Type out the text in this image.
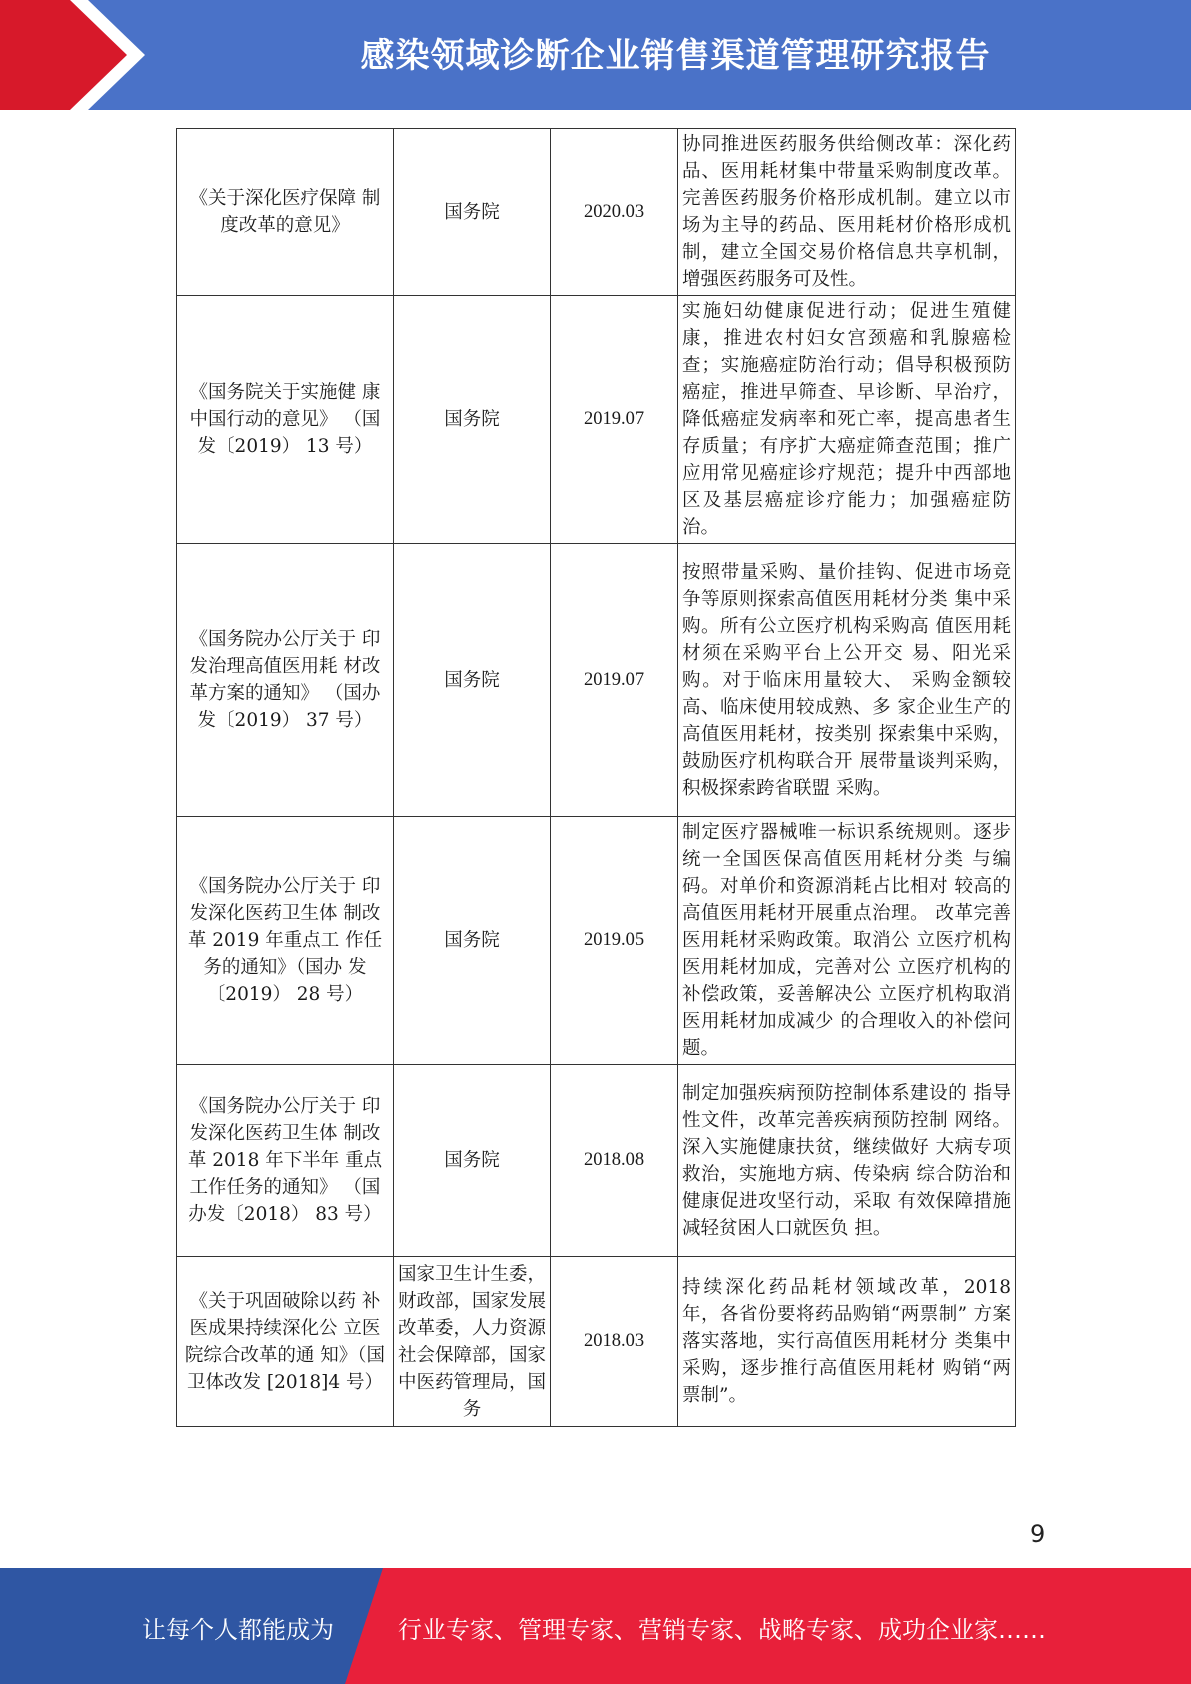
感染领域诊断企业销售渠道管理研究报告
《关于深化医疗保障 制度改革的意见》	国务院	2020.03	协同推进医药服务供给侧改革：深化药品、医用耗材集中带量采购制度改革。完善医药服务价格形成机制。建立以市场为主导的药品、医用耗材价格形成机制，建立全国交易价格信息共享机制，增强医药服务可及性。
《国务院关于实施健 康中国行动的意见》 （国发〔2019） 13 号）	国务院	2019.07	实施妇幼健康促进行动；促进生殖健康，推进农村妇女宫颈癌和乳腺癌检查；实施癌症防治行动；倡导积极预防癌症，推进早筛查、早诊断、早治疗，降低癌症发病率和死亡率，提高患者生存质量；有序扩大癌症筛查范围；推广应用常见癌症诊疗规范；提升中西部地区及基层癌症诊疗能力；加强癌症防治。
《国务院办公厅关于 印发治理高值医用耗 材改革方案的通知》 （国办发〔2019） 37 号）	国务院	2019.07	按照带量采购、量价挂钩、促进市场竞争等原则探索高值医用耗材分类 集中采购。所有公立医疗机构采购高 值医用耗材须在采购平台上公开交 易、阳光采购。对于临床用量较大、 采购金额较高、临床使用较成熟、多 家企业生产的高值医用耗材，按类别 探索集中采购，鼓励医疗机构联合开 展带量谈判采购，积极探索跨省联盟 采购。
《国务院办公厅关于 印发深化医药卫生体 制改革 2019 年重点工 作任务的通知》（国办 发〔2019） 28 号）	国务院	2019.05	制定医疗器械唯一标识系统规则。逐步统一全国医保高值医用耗材分类 与编码。对单价和资源消耗占比相对 较高的高值医用耗材开展重点治理。 改革完善医用耗材采购政策。取消公 立医疗机构医用耗材加成，完善对公 立医疗机构的补偿政策，妥善解决公 立医疗机构取消医用耗材加成减少 的合理收入的补偿问题。
《国务院办公厅关于 印发深化医药卫生体 制改革 2018 年下半年 重点工作任务的通知》 （国办发〔2018） 83 号）	国务院	2018.08	制定加强疾病预防控制体系建设的 指导性文件，改革完善疾病预防控制 网络。深入实施健康扶贫，继续做好 大病专项救治，实施地方病、传染病 综合防治和健康促进攻坚行动，采取 有效保障措施减轻贫困人口就医负 担。
《关于巩固破除以药 补医成果持续深化公 立医院综合改革的通 知》（国卫体改发 [2018]4 号）	国家卫生计生委，财政部，国家发展改革委，人力资源社会保障部，国家中医药管理局，国务	2018.03	持续深化药品耗材领域改革，2018 年，各省份要将药品购销“两票制” 方案落实落地，实行高值医用耗材分 类集中采购，逐步推行高值医用耗材 购销“两票制”。
9
让每个人都能成为	行业专家、管理专家、营销专家、战略专家、成功企业家……
